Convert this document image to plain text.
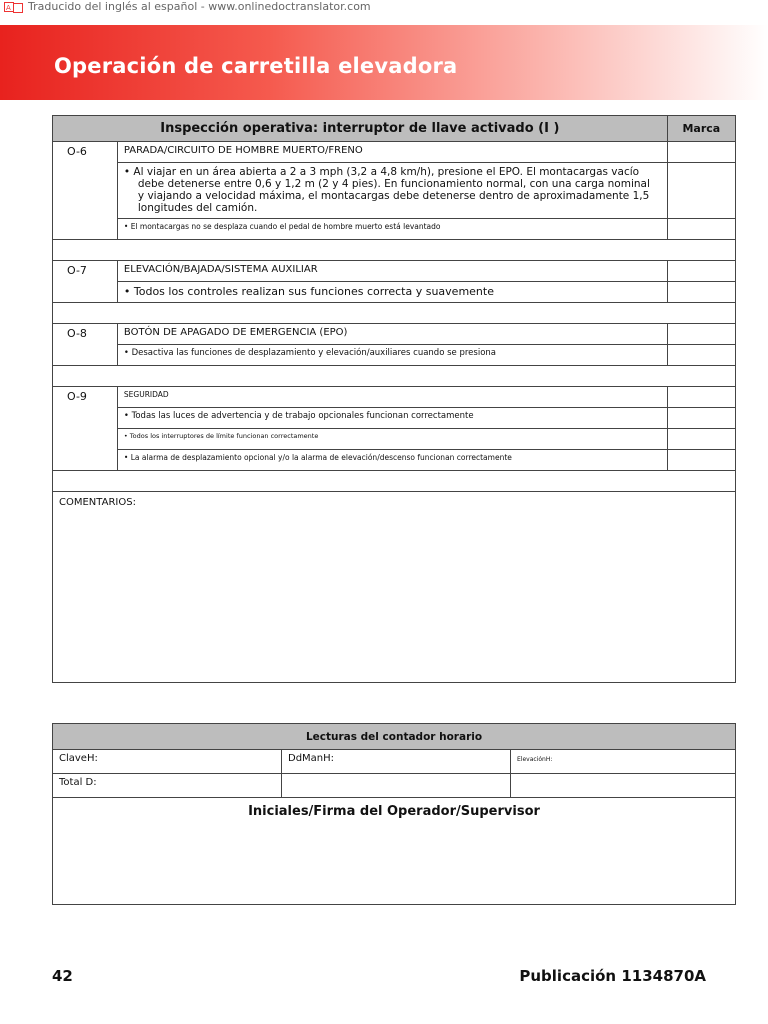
A Traducido del inglés al español - www.onlinedoctranslator.com
Operación de carretilla elevadora
Inspección operativa: interruptor de llave activado (I )		Marca
O-6	PARADA/CIRCUITO DE HOMBRE MUERTO/FRENO	

	• Al viajar en un área abierta a 2 a 3 mph (3,2 a 4,8 km/h), presione el EPO. El montacargas vacío
debe detenerse entre 0,6 y 1,2 m (2 y 4 pies). En funcionamiento normal, con una carga nominal
y viajando a velocidad máxima, el montacargas debe detenerse dentro de aproximadamente 1,5
longitudes del camión.	

	• El montacargas no se desplaza cuando el pedal de hombre muerto está levantado	

O-7	ELEVACIÓN/BAJADA/SISTEMA AUXILIAR	
	• Todos los controles realizan sus funciones correcta y suavemente	

O-8	BOTÓN DE APAGADO DE EMERGENCIA (EPO)	
	• Desactiva las funciones de desplazamiento y elevación/auxiliares cuando se presiona	

O-9	SEGURIDAD	
	• Todas las luces de advertencia y de trabajo opcionales funcionan correctamente	
	• Todos los interruptores de límite funcionan correctamente	
	• La alarma de desplazamiento opcional y/o la alarma de elevación/descenso funcionan correctamente	

COMENTARIOS:		
Lecturas del contador horario		
ClaveH:	DdManH:	ElevaciónH:
Total D:		
Iniciales/Firma del Operador/Supervisor		
42	Publicación 1134870A
